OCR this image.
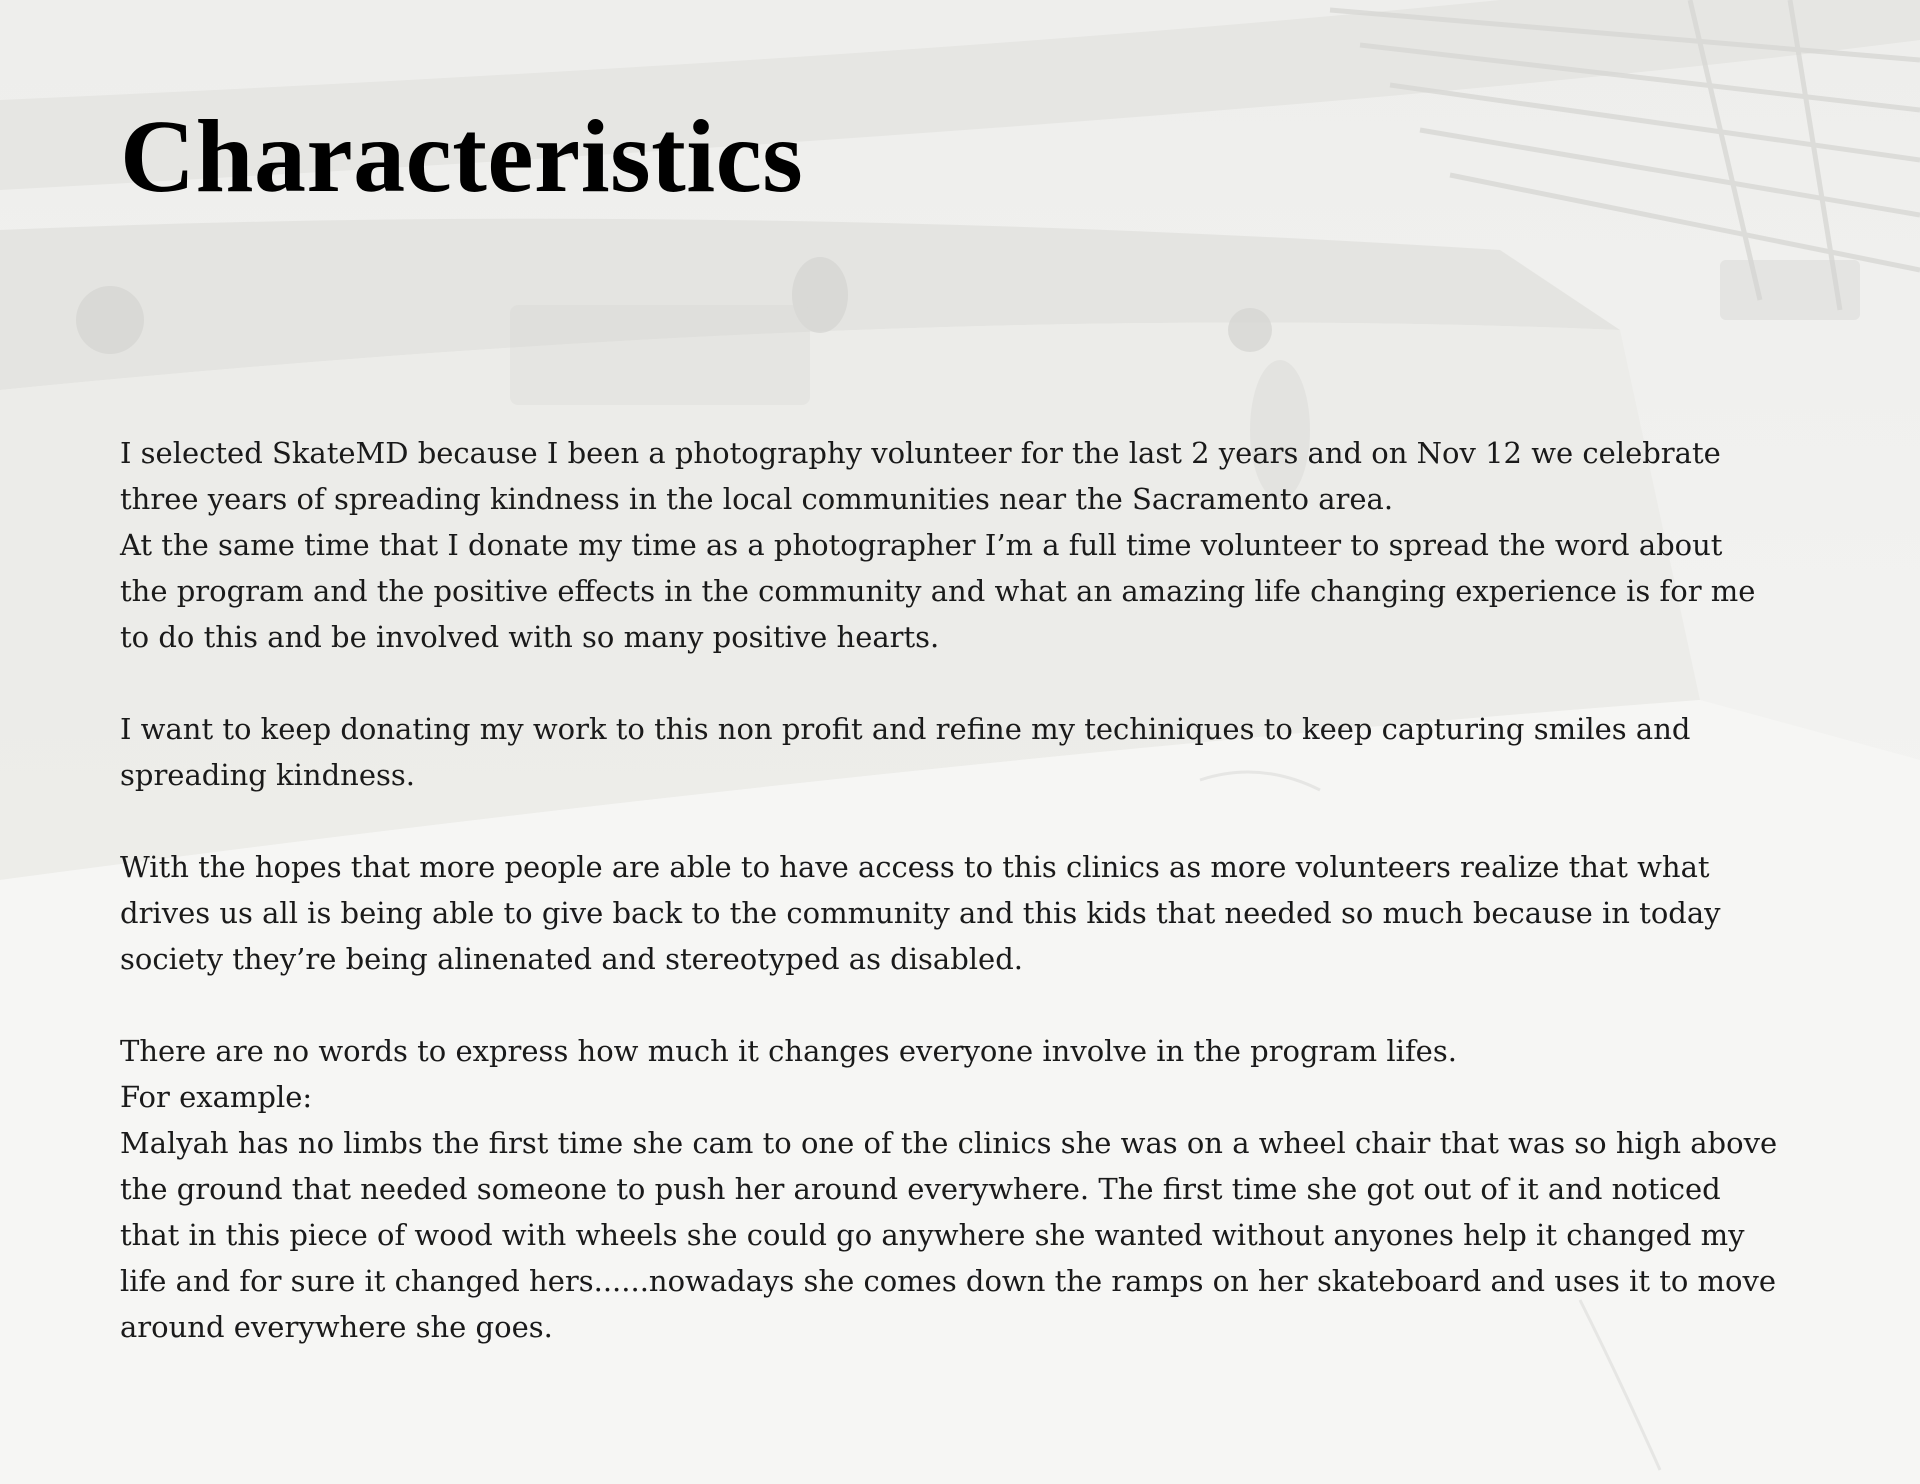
Characteristics

I selected SkateMD because I been a photography volunteer for the last 2 years and on Nov 12 we celebrate
three years of spreading kindness in the local communities near the Sacramento area.
At the same time that I donate my time as a photographer I’m a full time volunteer to spread the word about
the program and the positive effects in the community and what an amazing life changing experience is for me
to do this and be involved with so many positive hearts.

I want to keep donating my work to this non profit and refine my techiniques to keep capturing smiles and
spreading kindness.

With the hopes that more people are able to have access to this clinics as more volunteers realize that what
drives us all is being able to give back to the community and this kids that needed so much because in today
society they’re being alinenated and stereotyped as disabled.

There are no words to express how much it changes everyone involve in the program lifes.
For example:
Malyah has no limbs the first time she cam to one of the clinics she was on a wheel chair that was so high above
the ground that needed someone to push her around everywhere. The first time she got out of it and noticed
that in this piece of wood with wheels she could go anywhere she wanted without anyones help it changed my
life and for sure it changed hers......nowadays she comes down the ramps on her skateboard and uses it to move
around everywhere she goes.
